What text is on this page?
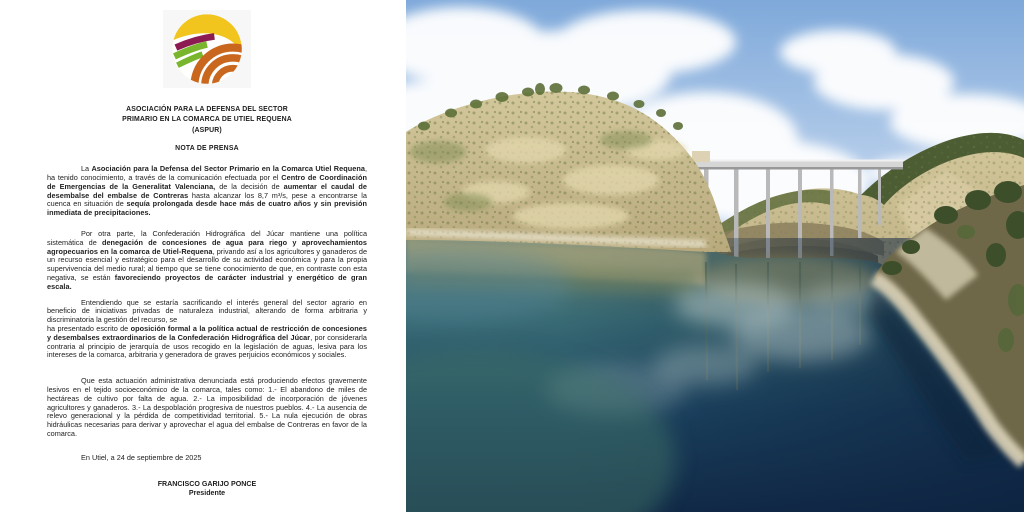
ASOCIACIÓN PARA LA DEFENSA DEL SECTOR
PRIMARIO EN LA COMARCA DE UTIEL REQUENA
(ASPUR)
NOTA DE PRENSA
La Asociación para la Defensa del Sector Primario en la Comarca Utiel Requena, ha tenido conocimiento, a través de la comunicación efectuada por el Centro de Coordinación de Emergencias de la Generalitat Valenciana, de la decisión de aumentar el caudal de desembalse del embalse de Contreras hasta alcanzar los 8,7 m³/s, pese a encontrarse la cuenca en situación de sequía prolongada desde hace más de cuatro años y sin previsión inmediata de precipitaciones.
Por otra parte, la Confederación Hidrográfica del Júcar mantiene una política sistemática de denegación de concesiones de agua para riego y aprovechamientos agropecuarios en la comarca de Utiel-Requena, privando así a los agricultores y ganaderos de un recurso esencial y estratégico para el desarrollo de su actividad económica y para la propia supervivencia del medio rural; al tiempo que se tiene conocimiento de que, en contraste con esta negativa, se están favoreciendo proyectos de carácter industrial y energético de gran escala.
Entendiendo que se estaría sacrificando el interés general del sector agrario en beneficio de iniciativas privadas de naturaleza industrial, alterando de forma arbitraria y discriminatoria la gestión del recurso, se
ha presentado escrito de oposición formal a la política actual de restricción de concesiones y desembalses extraordinarios de la Confederación Hidrográfica del Júcar, por considerarla contraria al principio de jerarquía de usos recogido en la legislación de aguas, lesiva para los intereses de la comarca, arbitraria y generadora de graves perjuicios económicos y sociales.
Que esta actuación administrativa denunciada está produciendo efectos gravemente lesivos en el tejido socioeconómico de la comarca, tales como: 1.- El abandono de miles de hectáreas de cultivo por falta de agua. 2.- La imposibilidad de incorporación de jóvenes agricultores y ganaderos. 3.- La despoblación progresiva de nuestros pueblos. 4.- La ausencia de relevo generacional y la pérdida de competitividad territorial. 5.- La nula ejecución de obras hidráulicas necesarias para derivar y aprovechar el agua del embalse de Contreras en favor de la comarca.
En Utiel, a 24 de septiembre de 2025
FRANCISCO GARIJO PONCE
Presidente
